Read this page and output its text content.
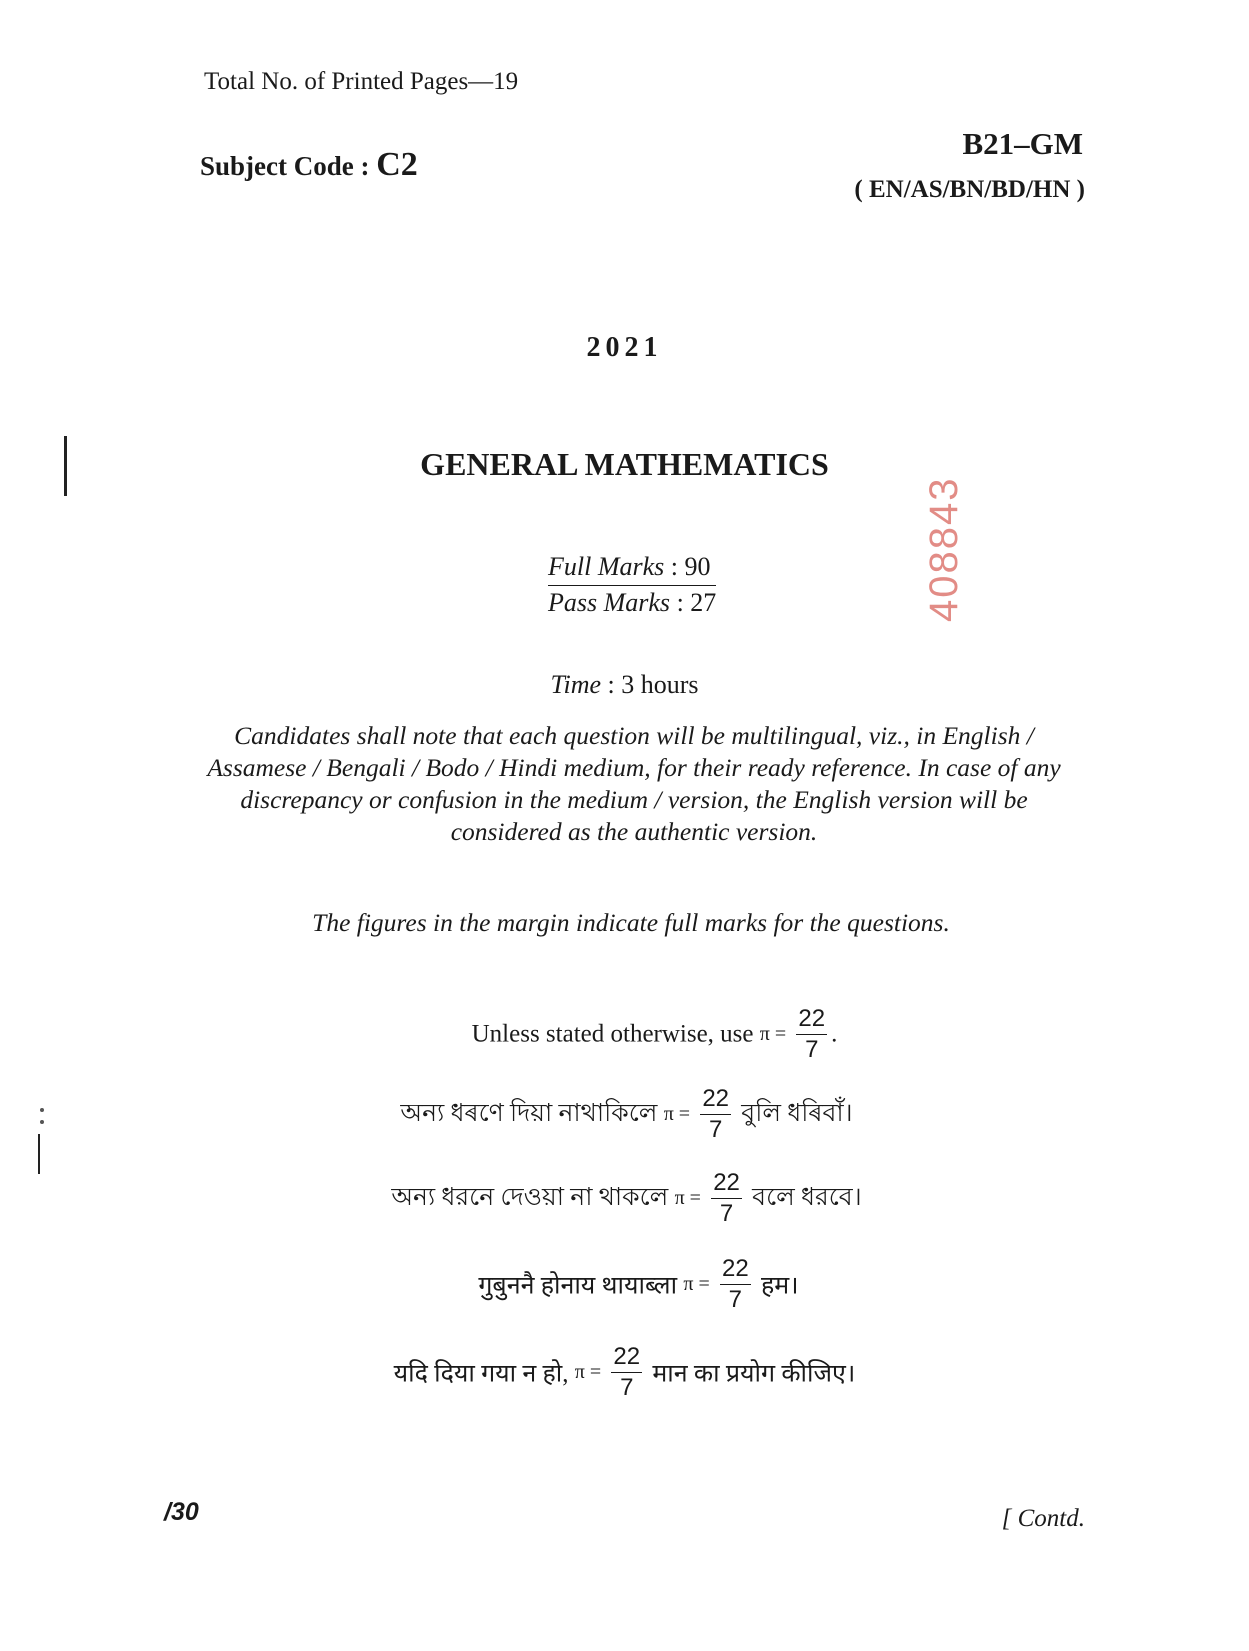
Total No. of Printed Pages—19
Subject Code : C2
B21–GM
( EN/AS/BN/BD/HN )
2021
GENERAL MATHEMATICS
408843
Full Marks : 90
Pass Marks : 27
Time : 3 hours
Candidates shall note that each question will be multilingual, viz., in English / Assamese / Bengali / Bodo / Hindi medium, for their ready reference. In case of any discrepancy or confusion in the medium / version, the English version will be considered as the authentic version.
The figures in the margin indicate full marks for the questions.
Unless stated otherwise, use $\pi = \frac{22}{7}$ .
অন্য ধৰণে দিয়া নাথাকিলে $\pi = \frac{22}{7}$ বুলি ধৰিবাঁ।
অন্য ধরনে দেওয়া না থাকলে $\pi = \frac{22}{7}$ বলে ধরবে।
गुबुननै होनाय थायाब्ला $\pi = \frac{22}{7}$ हम।
यदि दिया गया न हो, $\pi = \frac{22}{7}$ मान का प्रयोग कीजिए।
/30	[ Contd.
